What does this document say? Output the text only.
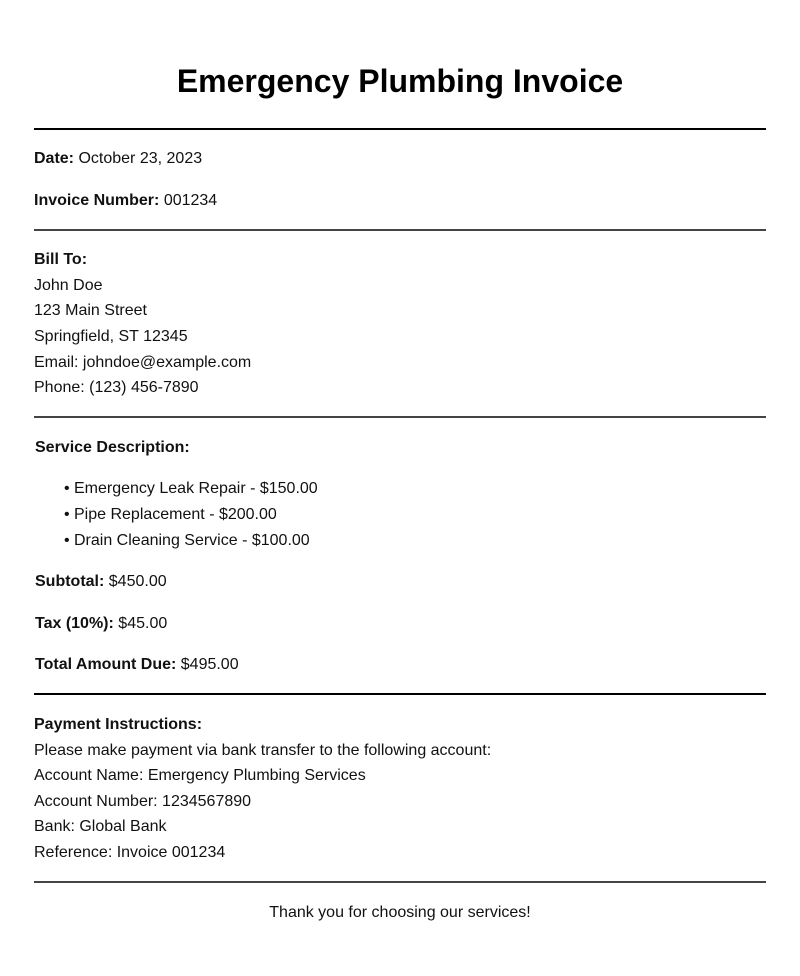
Emergency Plumbing Invoice
Date: October 23, 2023
Invoice Number: 001234
Bill To:
John Doe
123 Main Street
Springfield, ST 12345
Email: johndoe@example.com
Phone: (123) 456-7890
Service Description:
• Emergency Leak Repair - $150.00
• Pipe Replacement - $200.00
• Drain Cleaning Service - $100.00
Subtotal: $450.00
Tax (10%): $45.00
Total Amount Due: $495.00
Payment Instructions:
Please make payment via bank transfer to the following account:
Account Name: Emergency Plumbing Services
Account Number: 1234567890
Bank: Global Bank
Reference: Invoice 001234
Thank you for choosing our services!
